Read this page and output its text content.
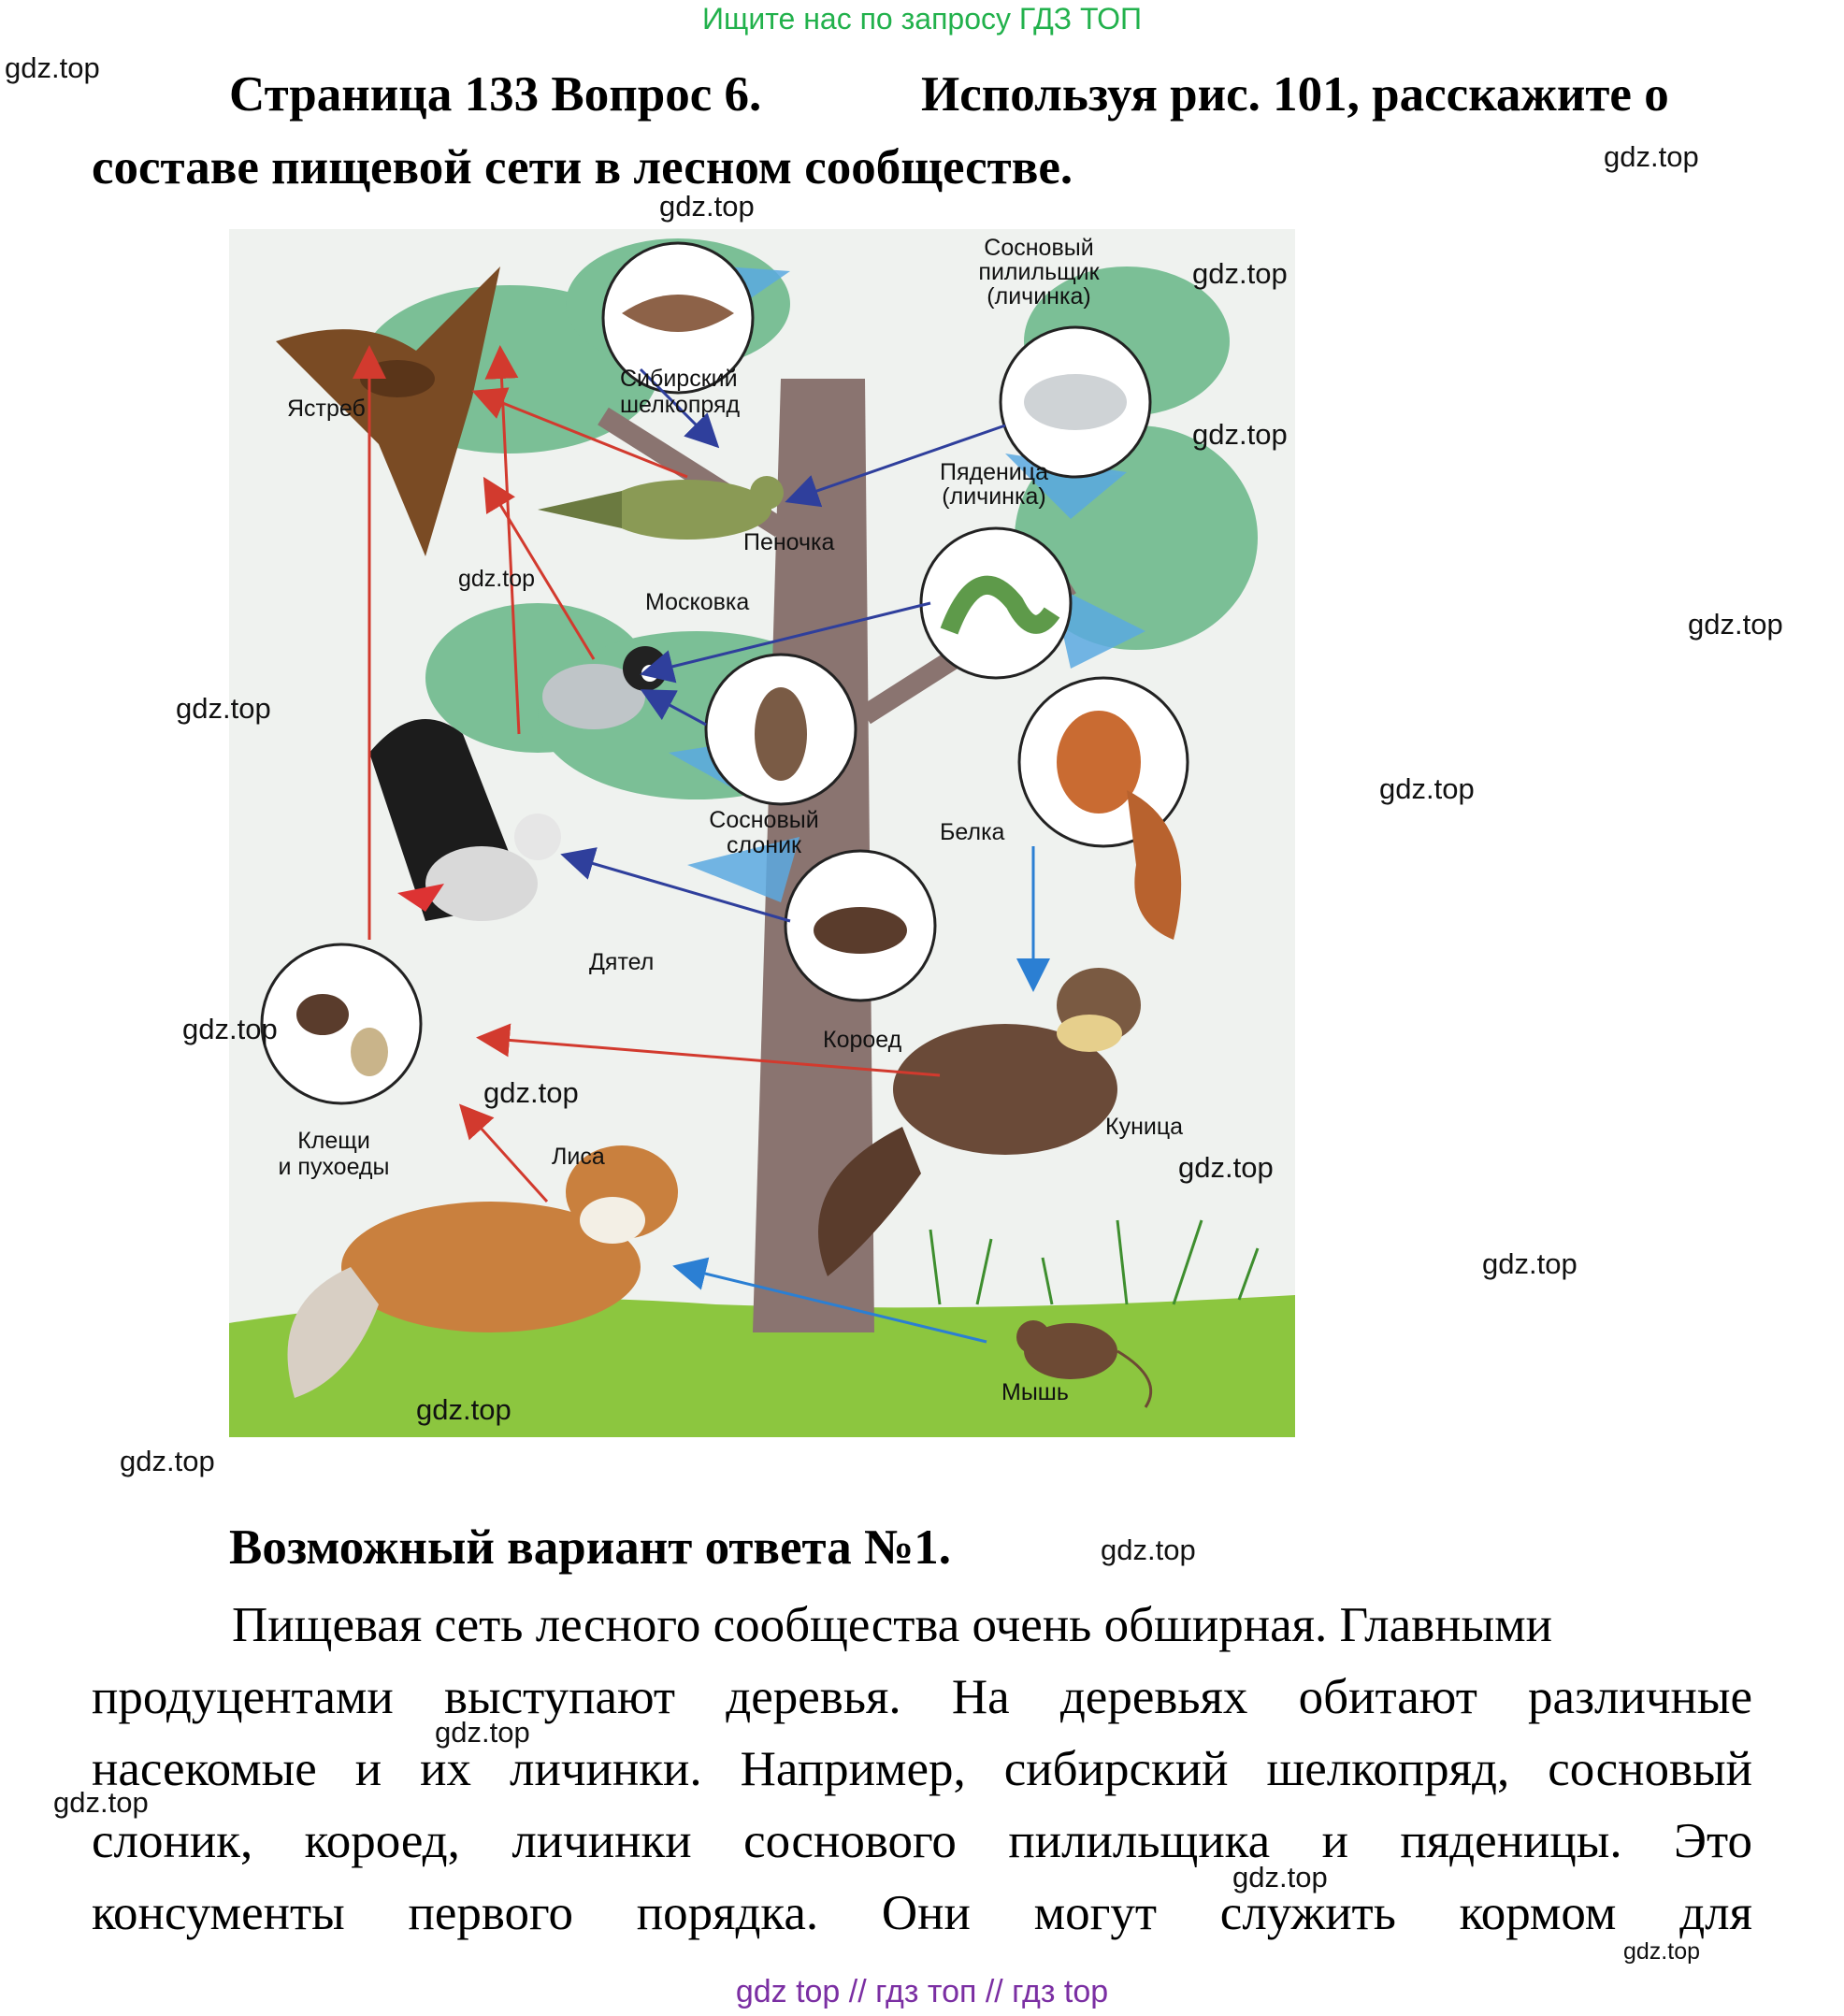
Ищите нас по запросу ГДЗ ТОП
Страница 133 Вопрос 6.	Используя рис. 101, расскажите о
составе пищевой сети в лесном сообществе.
Ястреб
Сибирский
шелкопряд
Сосновый
пилильщик
(личинка)
Пяденица
(личинка)
Пеночка
Московка
Сосновый
слоник	Белка
Дятел
Короед
Клещи
и пухоеды	Лиса
Куница
Мышь
Возможный вариант ответа №1.
Пищевая сеть лесного сообщества очень обширная. Главными
продуцентами выступают деревья. На деревьях обитают различные
насекомые и их личинки. Например, сибирский шелкопряд, сосновый
слоник, короед, личинки соснового пилильщика и пяденицы. Это
консументы первого порядка. Они могут служить кормом для
gdz.top
gdz.top
gdz.top
gdz.top
gdz.top
gdz.top
gdz.top
gdz.top
gdz.top
gdz.top
gdz.top
gdz.top
gdz.top
gdz.top
gdz.top
gdz.top
gdz.top
gdz.top
gdz.top
gdz.top
gdz top // гдз топ // гдз top
